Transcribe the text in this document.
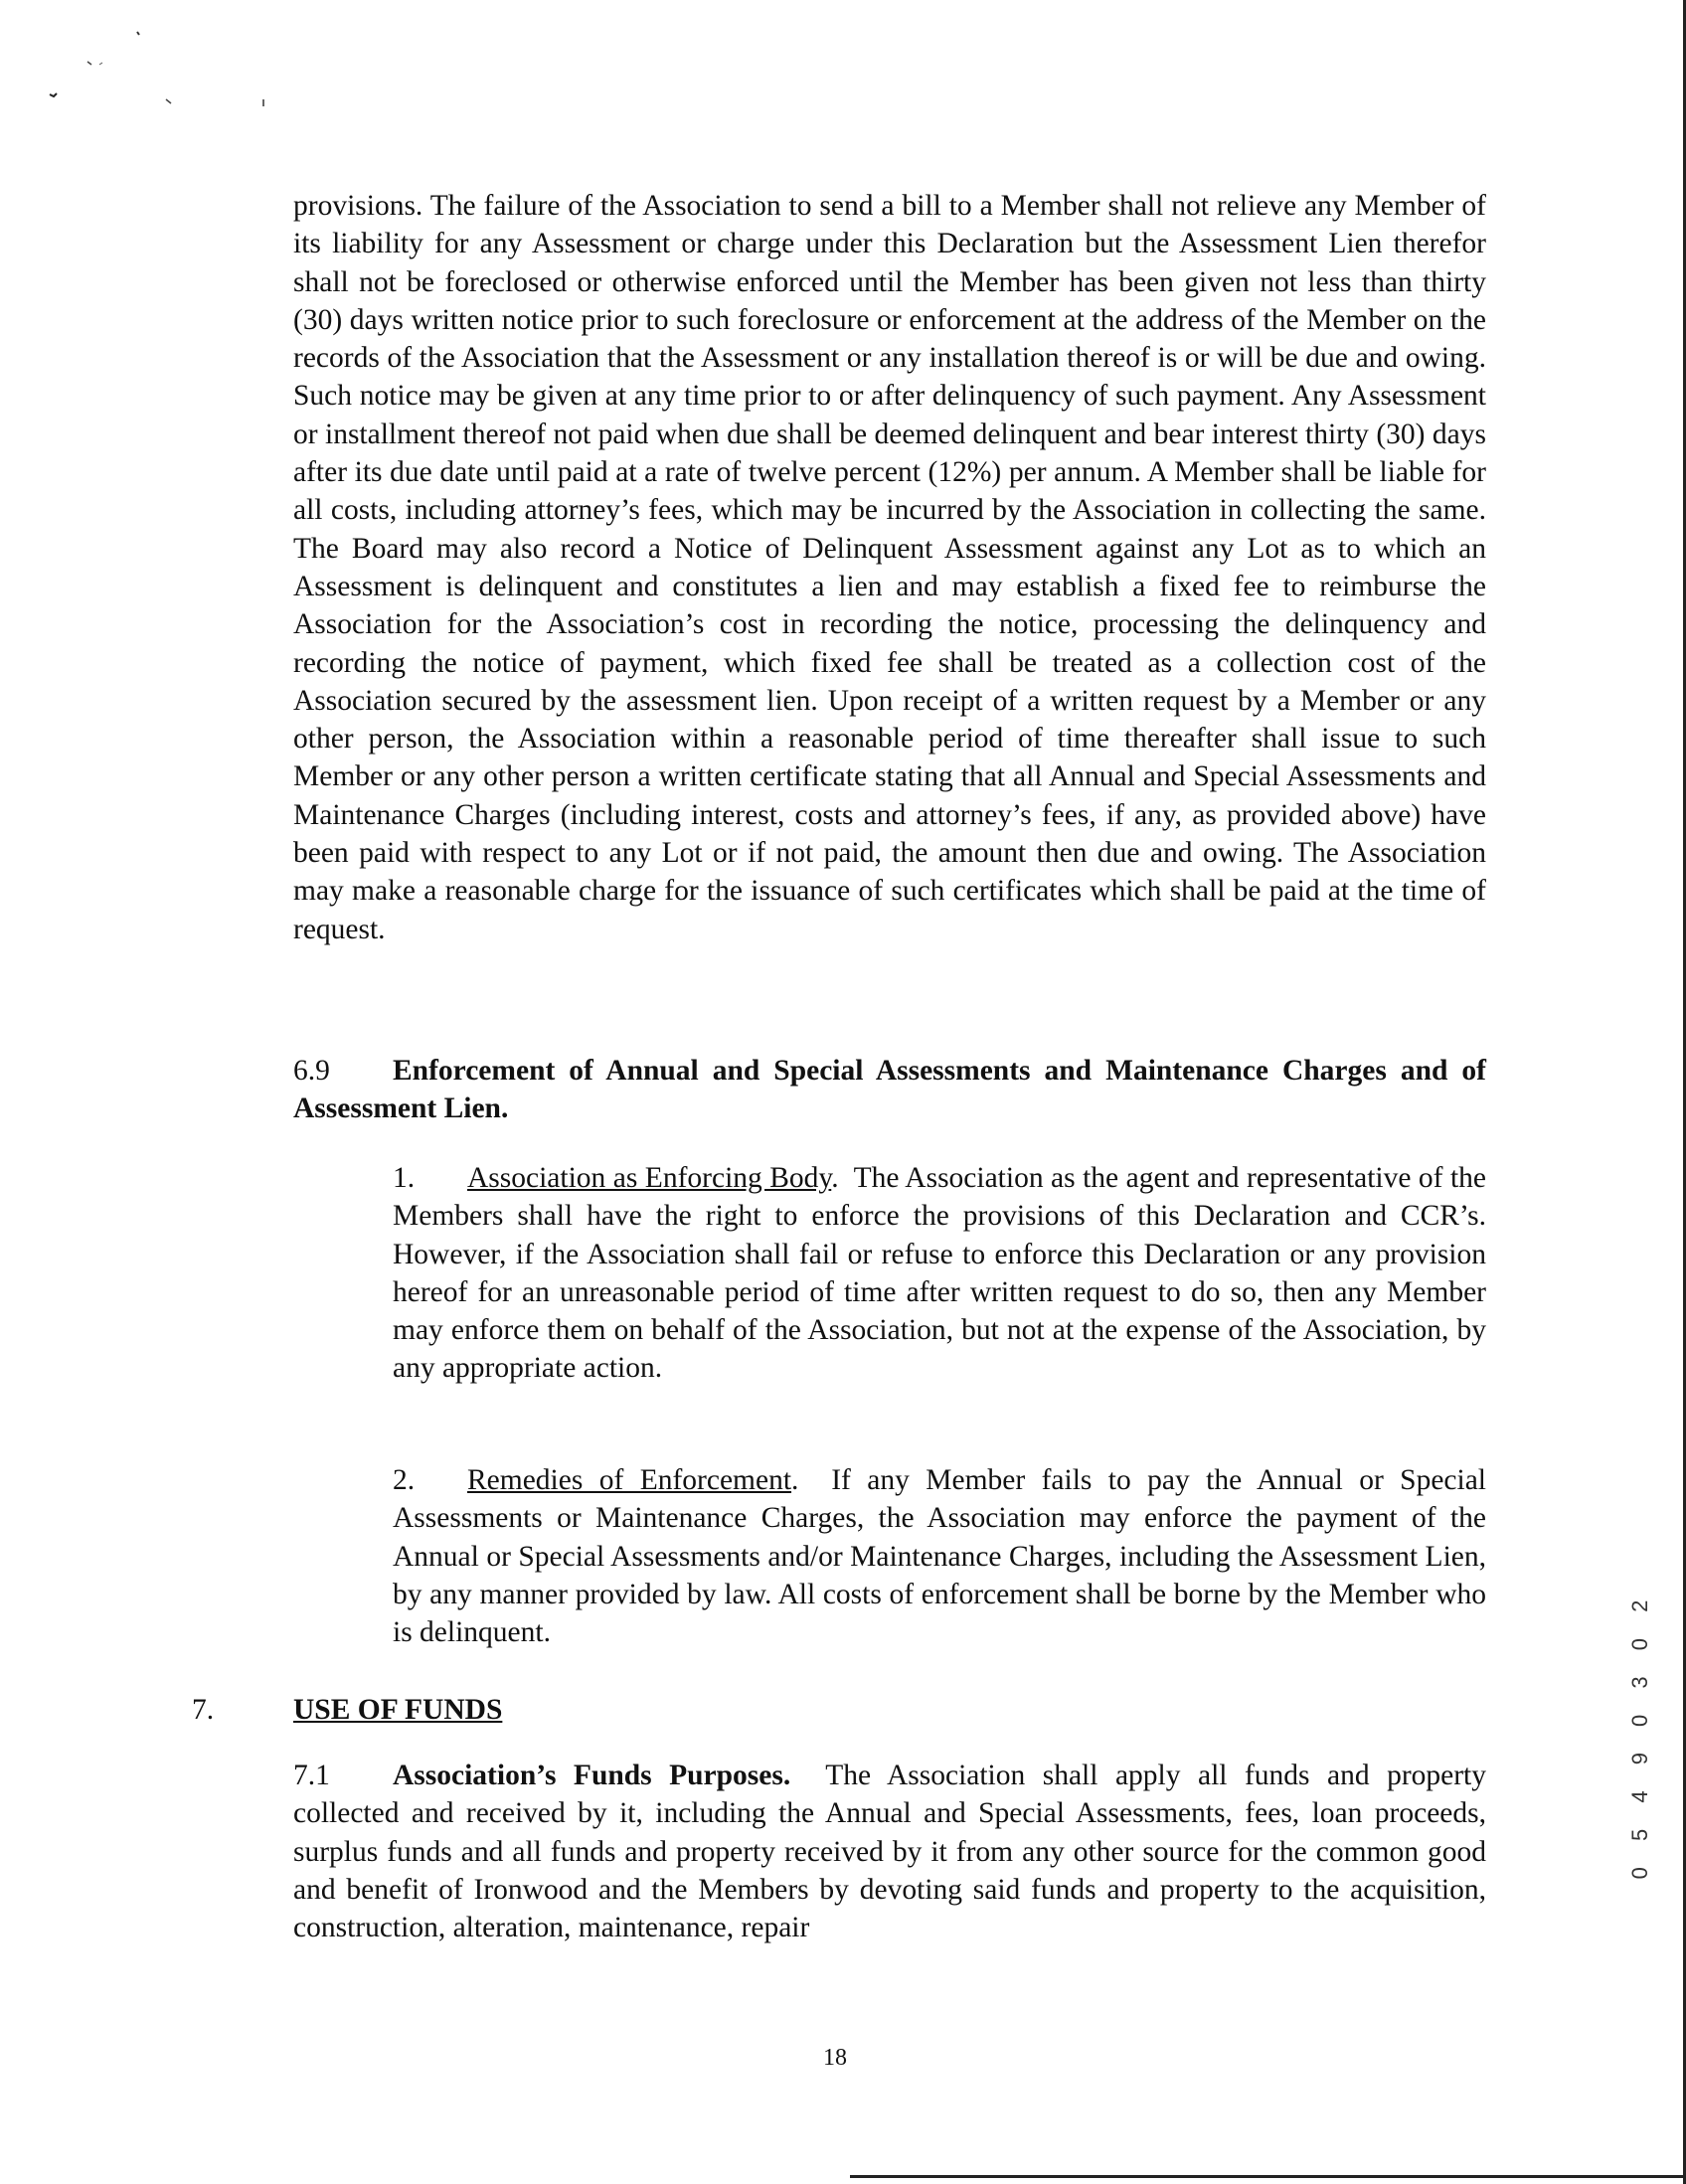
provisions. The failure of the Association to send a bill to a Member shall not relieve any Member of its liability for any Assessment or charge under this Declaration but the Assessment Lien therefor shall not be foreclosed or otherwise enforced until the Member has been given not less than thirty (30) days written notice prior to such foreclosure or enforcement at the address of the Member on the records of the Association that the Assessment or any installation thereof is or will be due and owing. Such notice may be given at any time prior to or after delinquency of such payment. Any Assessment or installment thereof not paid when due shall be deemed delinquent and bear interest thirty (30) days after its due date until paid at a rate of twelve percent (12%) per annum. A Member shall be liable for all costs, including attorney’s fees, which may be incurred by the Association in collecting the same. The Board may also record a Notice of Delinquent Assessment against any Lot as to which an Assessment is delinquent and constitutes a lien and may establish a fixed fee to reimburse the Association for the Association’s cost in recording the notice, processing the delinquency and recording the notice of payment, which fixed fee shall be treated as a collection cost of the Association secured by the assessment lien. Upon receipt of a written request by a Member or any other person, the Association within a reasonable period of time thereafter shall issue to such Member or any other person a written certificate stating that all Annual and Special Assessments and Maintenance Charges (including interest, costs and attorney’s fees, if any, as provided above) have been paid with respect to any Lot or if not paid, the amount then due and owing. The Association may make a reasonable charge for the issuance of such certificates which shall be paid at the time of request.
6.9 Enforcement of Annual and Special Assessments and Maintenance Charges and of Assessment Lien.
1. Association as Enforcing Body. The Association as the agent and representative of the Members shall have the right to enforce the provisions of this Declaration and CCR’s. However, if the Association shall fail or refuse to enforce this Declaration or any provision hereof for an unreasonable period of time after written request to do so, then any Member may enforce them on behalf of the Association, but not at the expense of the Association, by any appropriate action.
2. Remedies of Enforcement. If any Member fails to pay the Annual or Special Assessments or Maintenance Charges, the Association may enforce the payment of the Annual or Special Assessments and/or Maintenance Charges, including the Assessment Lien, by any manner provided by law. All costs of enforcement shall be borne by the Member who is delinquent.
7.	USE OF FUNDS
7.1 Association’s Funds Purposes. The Association shall apply all funds and property collected and received by it, including the Annual and Special Assessments, fees, loan proceeds, surplus funds and all funds and property received by it from any other source for the common good and benefit of Ironwood and the Members by devoting said funds and property to the acquisition, construction, alteration, maintenance, repair
18
0 5 4 9 0 3 0 2
